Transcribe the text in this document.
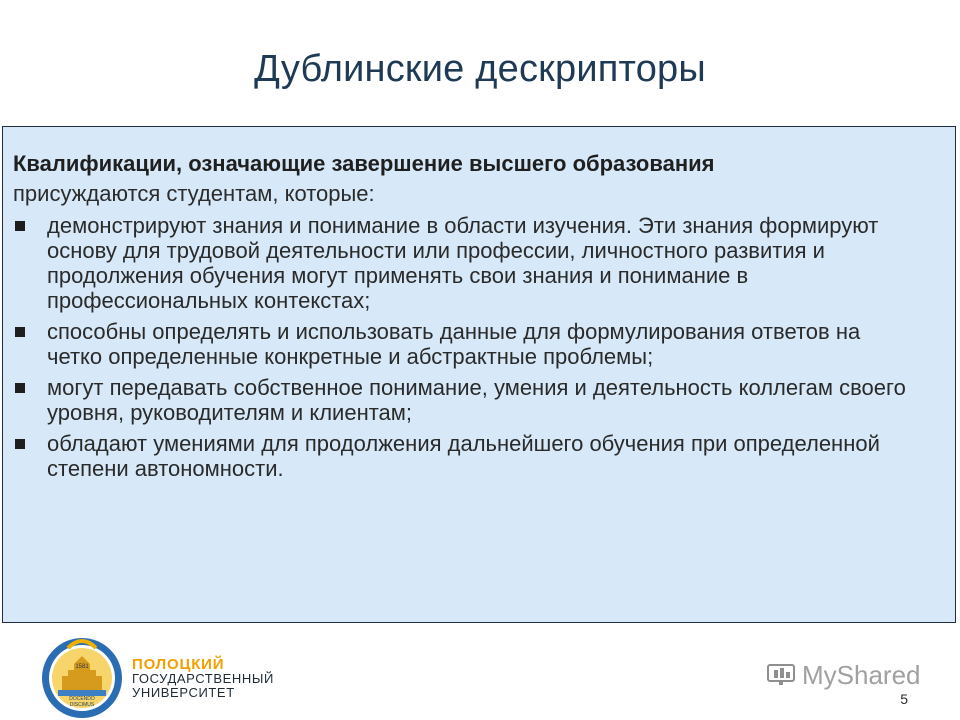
Дублинские дескрипторы
Квалификации, означающие завершение высшего образования присуждаются студентам, которые:
демонстрируют знания и понимание в области изучения. Эти знания формируют основу для трудовой деятельности или профессии, личностного развития и продолжения обучения могут применять свои знания и понимание в профессиональных контекстах;
способны определять и использовать данные для формулирования ответов на четко определенные конкретные и абстрактные проблемы;
могут передавать собственное понимание, умения и деятельность коллегам своего уровня, руководителям и клиентам;
обладают умениями для продолжения дальнейшего обучения при определенной степени автономности.
1581
DOCENDO
DISCIMUS
ПОЛОЦКИЙ
ГОСУДАРСТВЕННЫЙ
УНИВЕРСИТЕТ
MyShared
5
